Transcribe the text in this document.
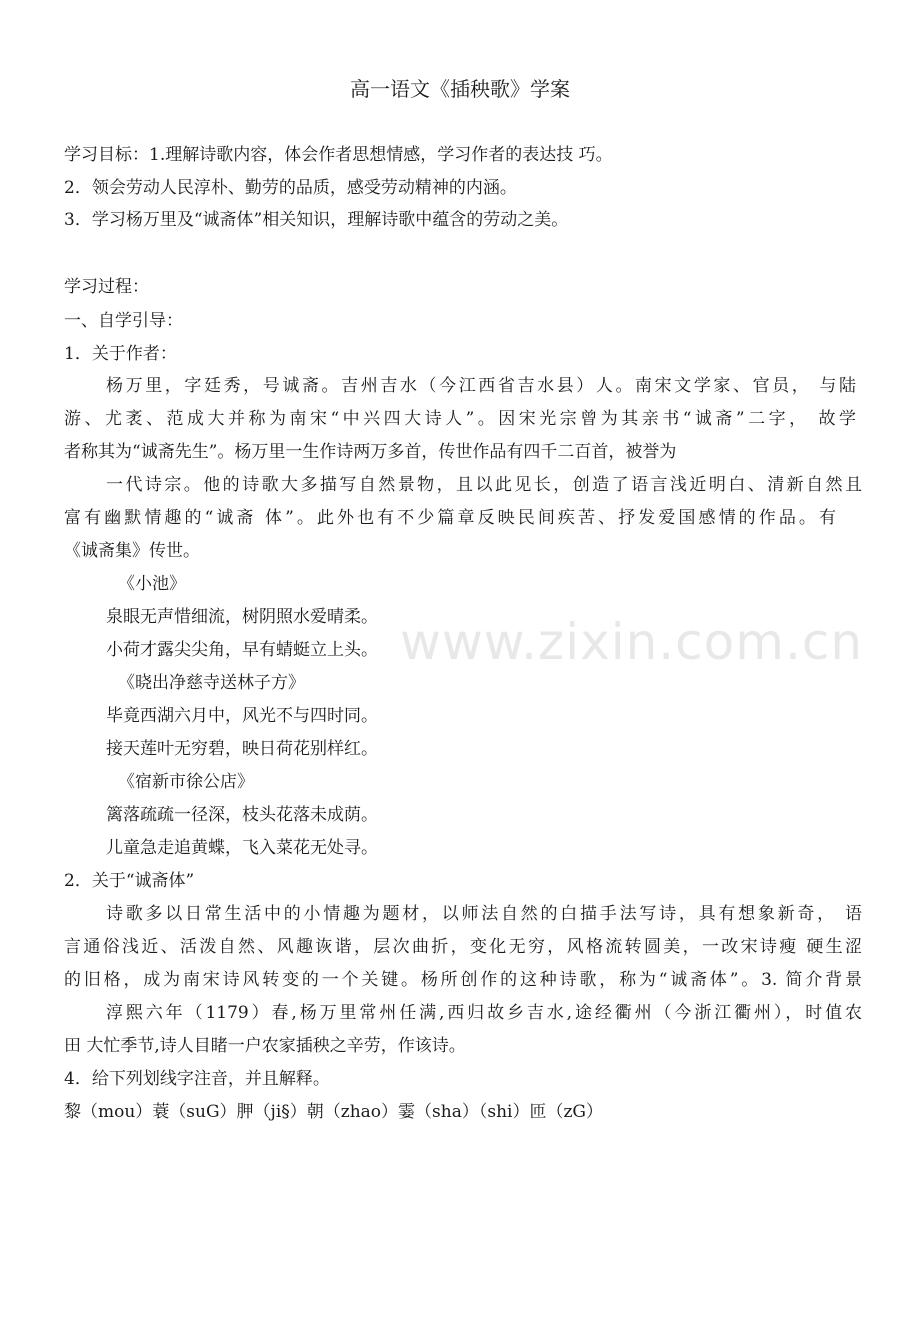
高一语文《插秧歌》学案
学习目标：1.理解诗歌内容，体会作者思想情感，学习作者的表达技 巧。
2．领会劳动人民淳朴、勤劳的品质，感受劳动精神的内涵。
3．学习杨万里及“诚斋体”相关知识，理解诗歌中蕴含的劳动之美。
学习过程：
一、自学引导：
1．关于作者：
杨万里，字廷秀，号诚斋。吉州吉水（今江西省吉水县）人。南宋文学家、官员， 与陆
游、尤袤、范成大并称为南宋“中兴四大诗人”。因宋光宗曾为其亲书“诚斋”二字， 故学
者称其为“诚斋先生”。杨万里一生作诗两万多首，传世作品有四千二百首，被誉为
一代诗宗。他的诗歌大多描写自然景物，且以此见长，创造了语言浅近明白、清新自然且
富有幽默情趣的“诚斋 体”。此外也有不少篇章反映民间疾苦、抒发爱国感情的作品。有
《诚斋集》传世。
《小池》
泉眼无声惜细流，树阴照水爱晴柔。
小荷才露尖尖角，早有蜻蜓立上头。
《晓出净慈寺送林子方》
毕竟西湖六月中，风光不与四时同。
接天莲叶无穷碧，映日荷花别样红。
《宿新市徐公店》
篱落疏疏一径深，枝头花落未成荫。
儿童急走追黄蝶，飞入菜花无处寻。
2．关于“诚斋体”
诗歌多以日常生活中的小情趣为题材，以师法自然的白描手法写诗，具有想象新奇， 语
言通俗浅近、活泼自然、风趣诙谐，层次曲折，变化无穷，风格流转圆美，一改宋诗瘦 硬生涩
的旧格，成为南宋诗风转变的一个关键。杨所创作的这种诗歌，称为“诚斋体”。3. 简介背景
淳熙六年（1179）春,杨万里常州任满,西归故乡吉水,途经衢州（今浙江衢州），时值农
田 大忙季节,诗人目睹一户农家插秧之辛劳，作该诗。
4．给下列划线字注音，并且解释。
黎（mou）蓑（suG）胛（ji§）朝（zhao）霎（sha）（shi）匝（zG）
www.zixin.com.cn
